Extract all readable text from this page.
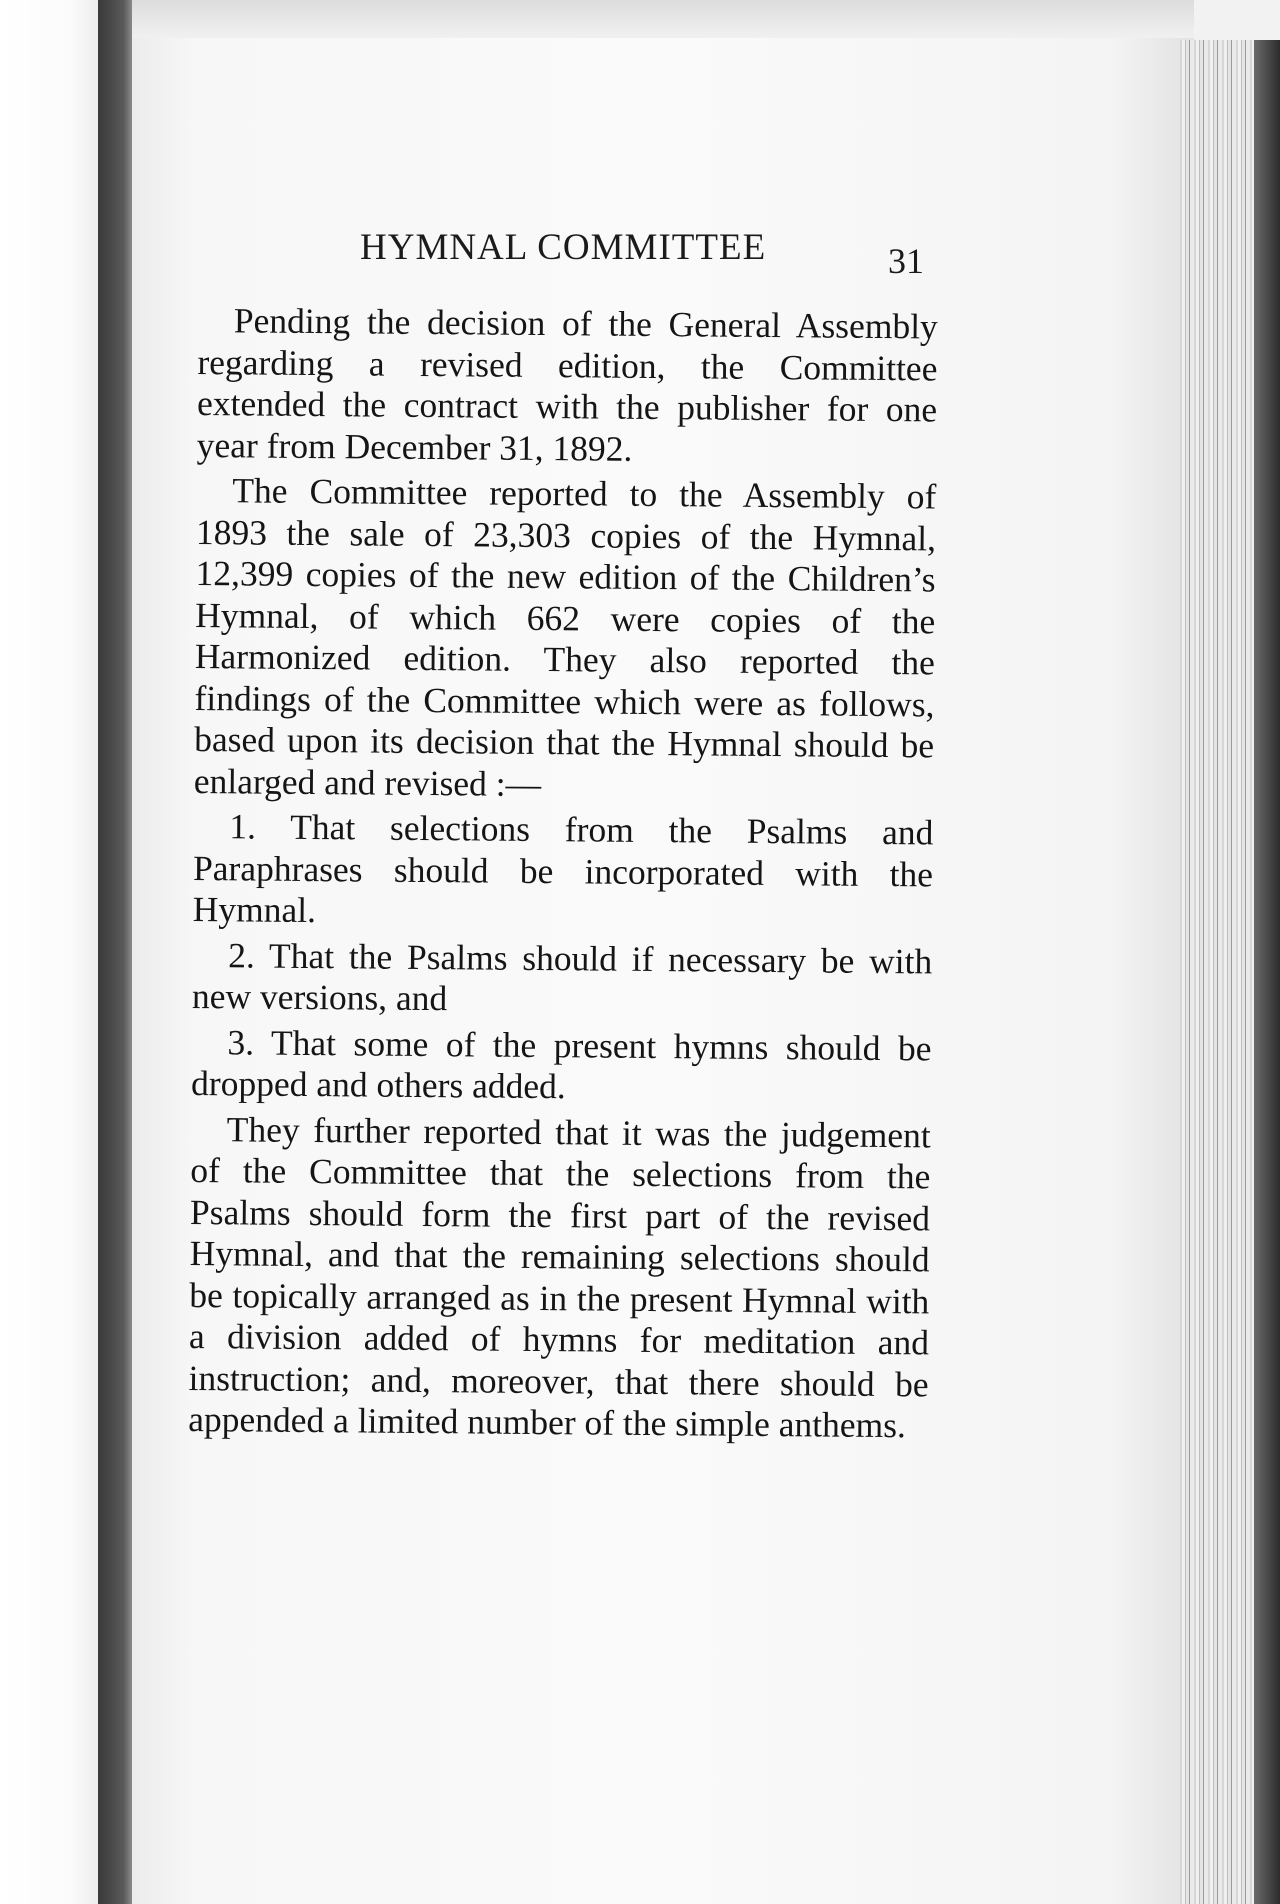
HYMNAL COMMITTEE	31

Pending the decision of the General Assembly regarding a revised edition, the Committee extended the contract with the publisher for one year from December 31, 1892.

The Committee reported to the Assembly of 1893 the sale of 23,303 copies of the Hymnal, 12,399 copies of the new edition of the Children’s Hymnal, of which 662 were copies of the Harmonized edition. They also reported the findings of the Committee which were as follows, based upon its decision that the Hymnal should be enlarged and revised :—

1. That selections from the Psalms and Paraphrases should be incorporated with the Hymnal.

2. That the Psalms should if necessary be with new versions, and

3. That some of the present hymns should be dropped and others added.

They further reported that it was the judgement of the Committee that the selections from the Psalms should form the first part of the revised Hymnal, and that the remaining selections should be topically arranged as in the present Hymnal with a division added of hymns for meditation and instruction; and, moreover, that there should be appended a limited number of the simple anthems.
